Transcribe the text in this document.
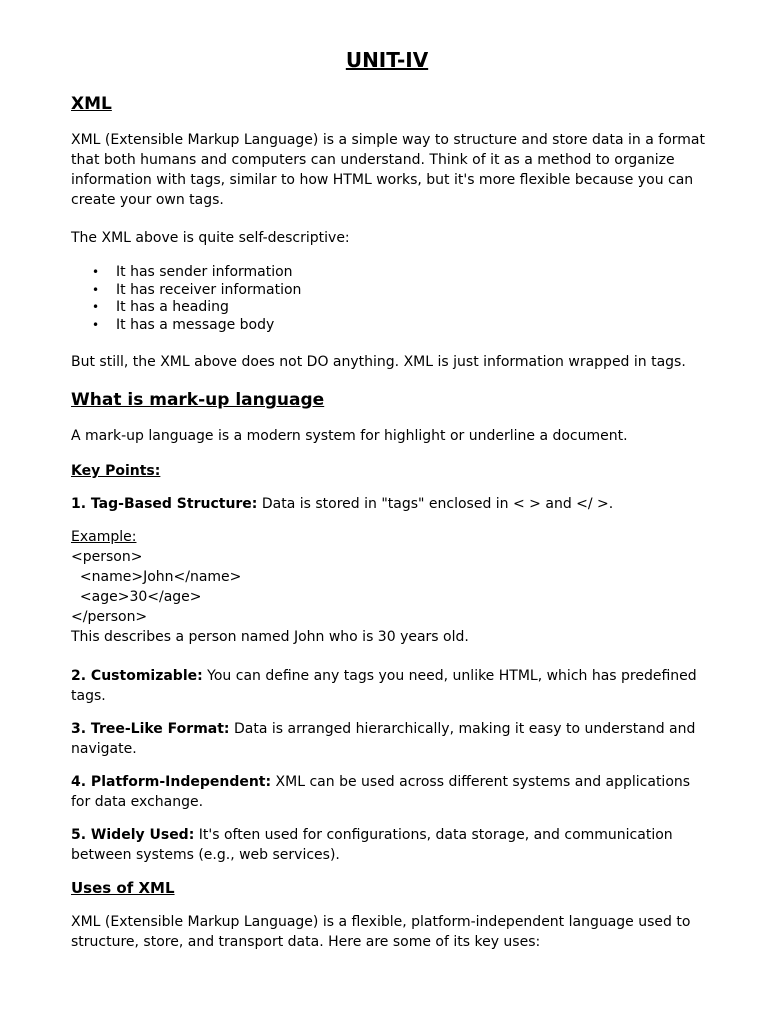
UNIT-IV

XML

XML (Extensible Markup Language) is a simple way to structure and store data in a format

that both humans and computers can understand. Think of it as a method to organize

information with tags, similar to how HTML works, but it's more flexible because you can

create your own tags.

The XML above is quite self-descriptive:

• It has sender information
• It has receiver information
• It has a heading
• It has a message body

But still, the XML above does not DO anything. XML is just information wrapped in tags.

What is mark-up language

A mark-up language is a modern system for highlight or underline a document.

Key Points:

1. Tag-Based Structure: Data is stored in "tags" enclosed in < > and </ >.

Example:

<person>

<name>John</name>

<age>30</age>

</person>

This describes a person named John who is 30 years old.

2. Customizable: You can define any tags you need, unlike HTML, which has predefined

tags.

3. Tree-Like Format: Data is arranged hierarchically, making it easy to understand and

navigate.

4. Platform-Independent: XML can be used across different systems and applications

for data exchange.

5. Widely Used: It's often used for configurations, data storage, and communication

between systems (e.g., web services).

Uses of XML

XML (Extensible Markup Language) is a flexible, platform-independent language used to

structure, store, and transport data. Here are some of its key uses:
